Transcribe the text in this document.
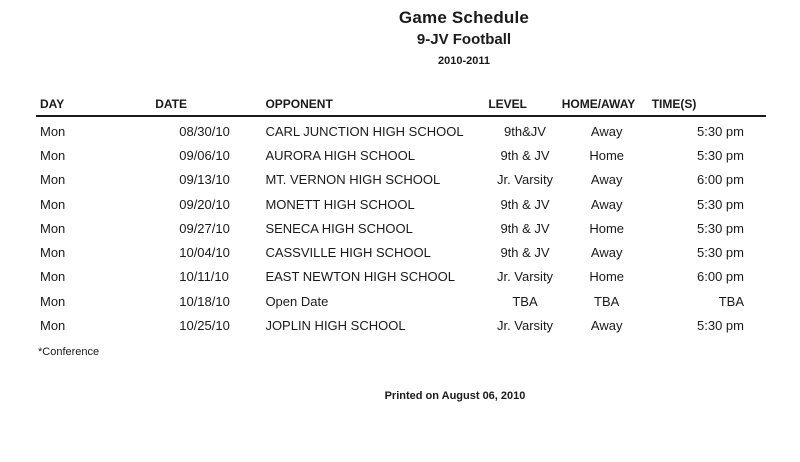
Game Schedule
9-JV Football
2010-2011
DAY	DATE	OPPONENT	LEVEL	HOME/AWAY	TIME(S)
Mon	08/30/10	CARL JUNCTION HIGH SCHOOL	9th&JV	Away	5:30 pm
Mon	09/06/10	AURORA HIGH SCHOOL	9th & JV	Home	5:30 pm
Mon	09/13/10	MT. VERNON HIGH SCHOOL	Jr. Varsity	Away	6:00 pm
Mon	09/20/10	MONETT HIGH SCHOOL	9th & JV	Away	5:30 pm
Mon	09/27/10	SENECA HIGH SCHOOL	9th & JV	Home	5:30 pm
Mon	10/04/10	CASSVILLE HIGH SCHOOL	9th & JV	Away	5:30 pm
Mon	10/11/10	EAST NEWTON HIGH SCHOOL	Jr. Varsity	Home	6:00 pm
Mon	10/18/10	Open Date	TBA	TBA	TBA
Mon	10/25/10	JOPLIN HIGH SCHOOL	Jr. Varsity	Away	5:30 pm
*Conference
Printed on August 06, 2010
